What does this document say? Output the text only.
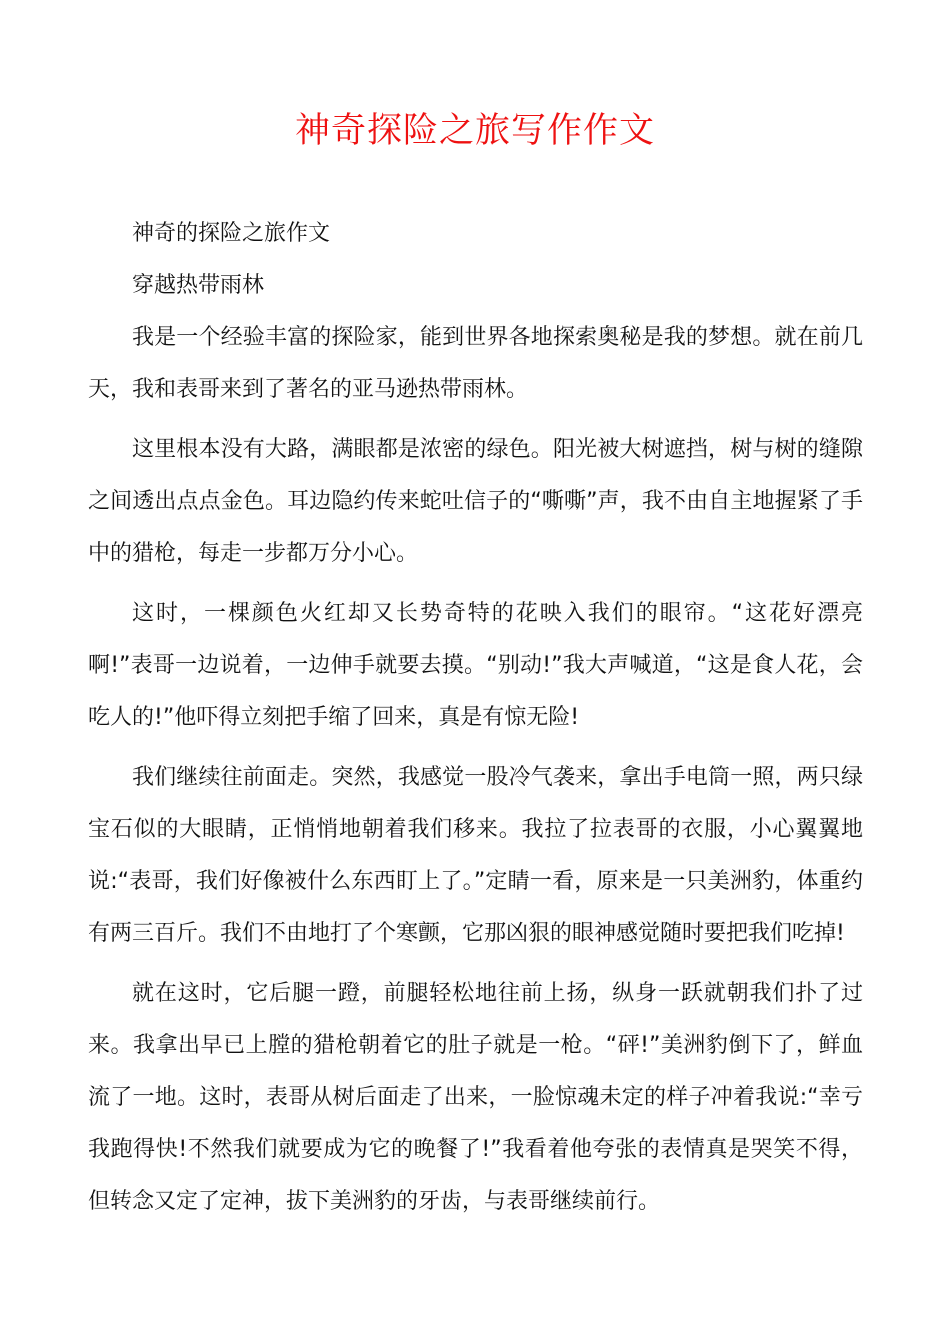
神奇探险之旅写作作文

神奇的探险之旅作文

穿越热带雨林

我是一个经验丰富的探险家，能到世界各地探索奥秘是我的梦想。就在前几天，我和表哥来到了著名的亚马逊热带雨林。

这里根本没有大路，满眼都是浓密的绿色。阳光被大树遮挡，树与树的缝隙之间透出点点金色。耳边隐约传来蛇吐信子的“嘶嘶”声，我不由自主地握紧了手中的猎枪，每走一步都万分小心。

这时，一棵颜色火红却又长势奇特的花映入我们的眼帘。“这花好漂亮啊!”表哥一边说着，一边伸手就要去摸。“别动!”我大声喊道，“这是食人花，会吃人的!”他吓得立刻把手缩了回来，真是有惊无险!

我们继续往前面走。突然，我感觉一股冷气袭来，拿出手电筒一照，两只绿宝石似的大眼睛，正悄悄地朝着我们移来。我拉了拉表哥的衣服，小心翼翼地说:“表哥，我们好像被什么东西盯上了。”定睛一看，原来是一只美洲豹，体重约有两三百斤。我们不由地打了个寒颤，它那凶狠的眼神感觉随时要把我们吃掉!

就在这时，它后腿一蹬，前腿轻松地往前上扬，纵身一跃就朝我们扑了过来。我拿出早已上膛的猎枪朝着它的肚子就是一枪。“砰!”美洲豹倒下了，鲜血流了一地。这时，表哥从树后面走了出来，一脸惊魂未定的样子冲着我说:“幸亏我跑得快!不然我们就要成为它的晚餐了!”我看着他夸张的表情真是哭笑不得，但转念又定了定神，拔下美洲豹的牙齿，与表哥继续前行。
